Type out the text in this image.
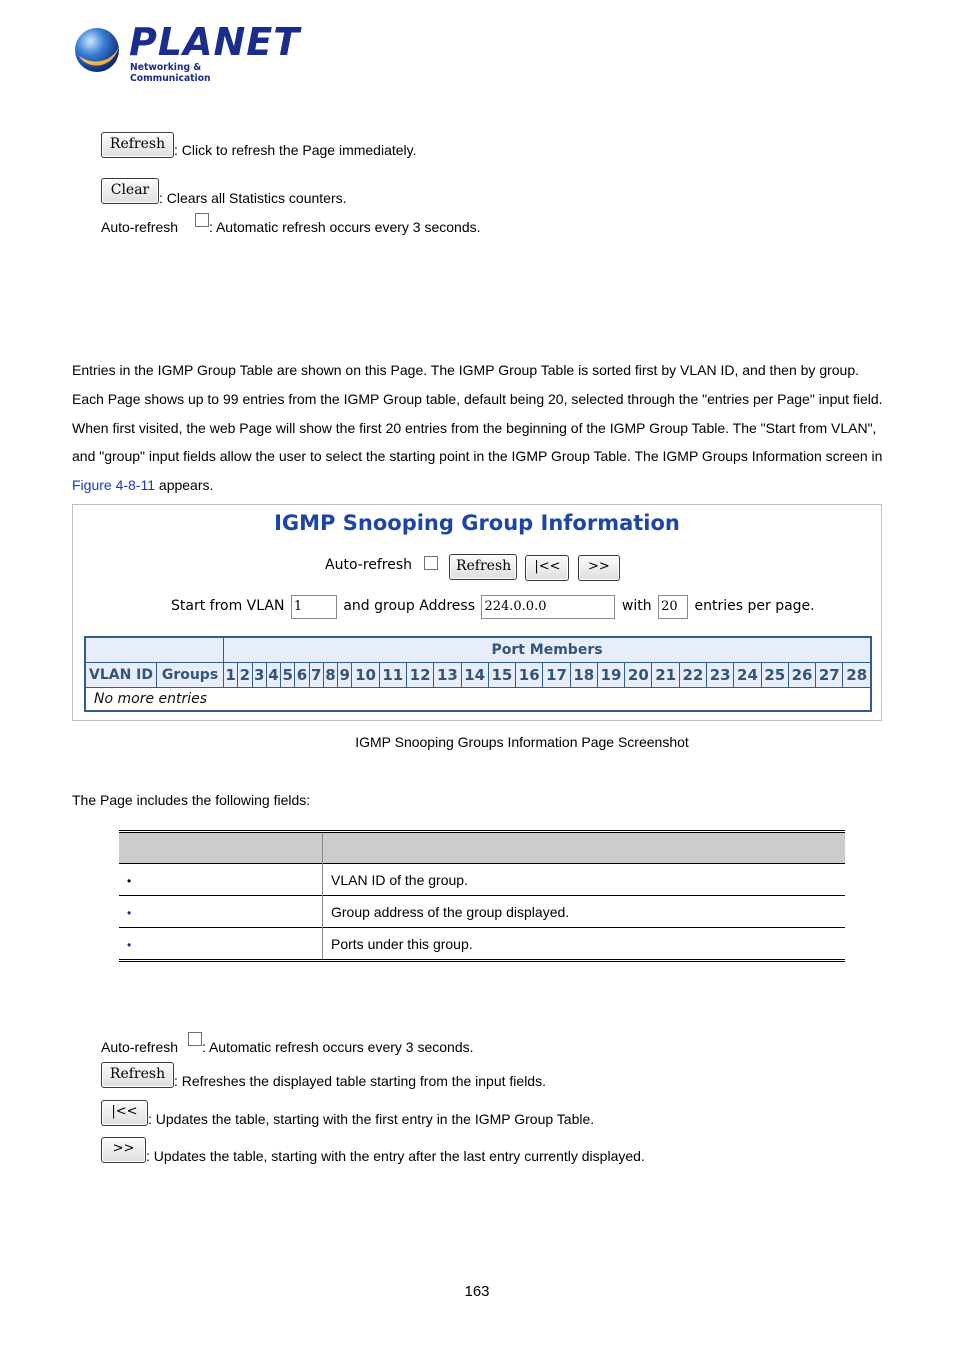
PLANET
Networking & Communication
Refresh : Click to refresh the Page immediately.
Clear : Clears all Statistics counters.
Auto-refresh : Automatic refresh occurs every 3 seconds.
Entries in the IGMP Group Table are shown on this Page. The IGMP Group Table is sorted first by VLAN ID, and then by group. Each Page shows up to 99 entries from the IGMP Group table, default being 20, selected through the "entries per Page" input field. When first visited, the web Page will show the first 20 entries from the beginning of the IGMP Group Table. The "Start from VLAN", and "group" input fields allow the user to select the starting point in the IGMP Group Table. The IGMP Groups Information screen in Figure 4-8-11 appears.
IGMP Snooping Group Information
Auto-refresh	Refresh |<< >>
Start from VLAN 1	and group Address 224.0.0.0	with 20 entries per page.
		Port Members																											
VLAN ID	Groups	1	2	3	4	5	6	7	8	9	10	11	12	13	14	15	16	17	18	19	20	21	22	23	24	25	26	27	28
No more entries																													
IGMP Snooping Groups Information Page Screenshot
The Page includes the following fields:

•	VLAN ID of the group.
•	Group address of the group displayed.
•	Ports under this group.
Auto-refresh : Automatic refresh occurs every 3 seconds.
Refresh : Refreshes the displayed table starting from the input fields.
|<< : Updates the table, starting with the first entry in the IGMP Group Table.
>> : Updates the table, starting with the entry after the last entry currently displayed.
163
